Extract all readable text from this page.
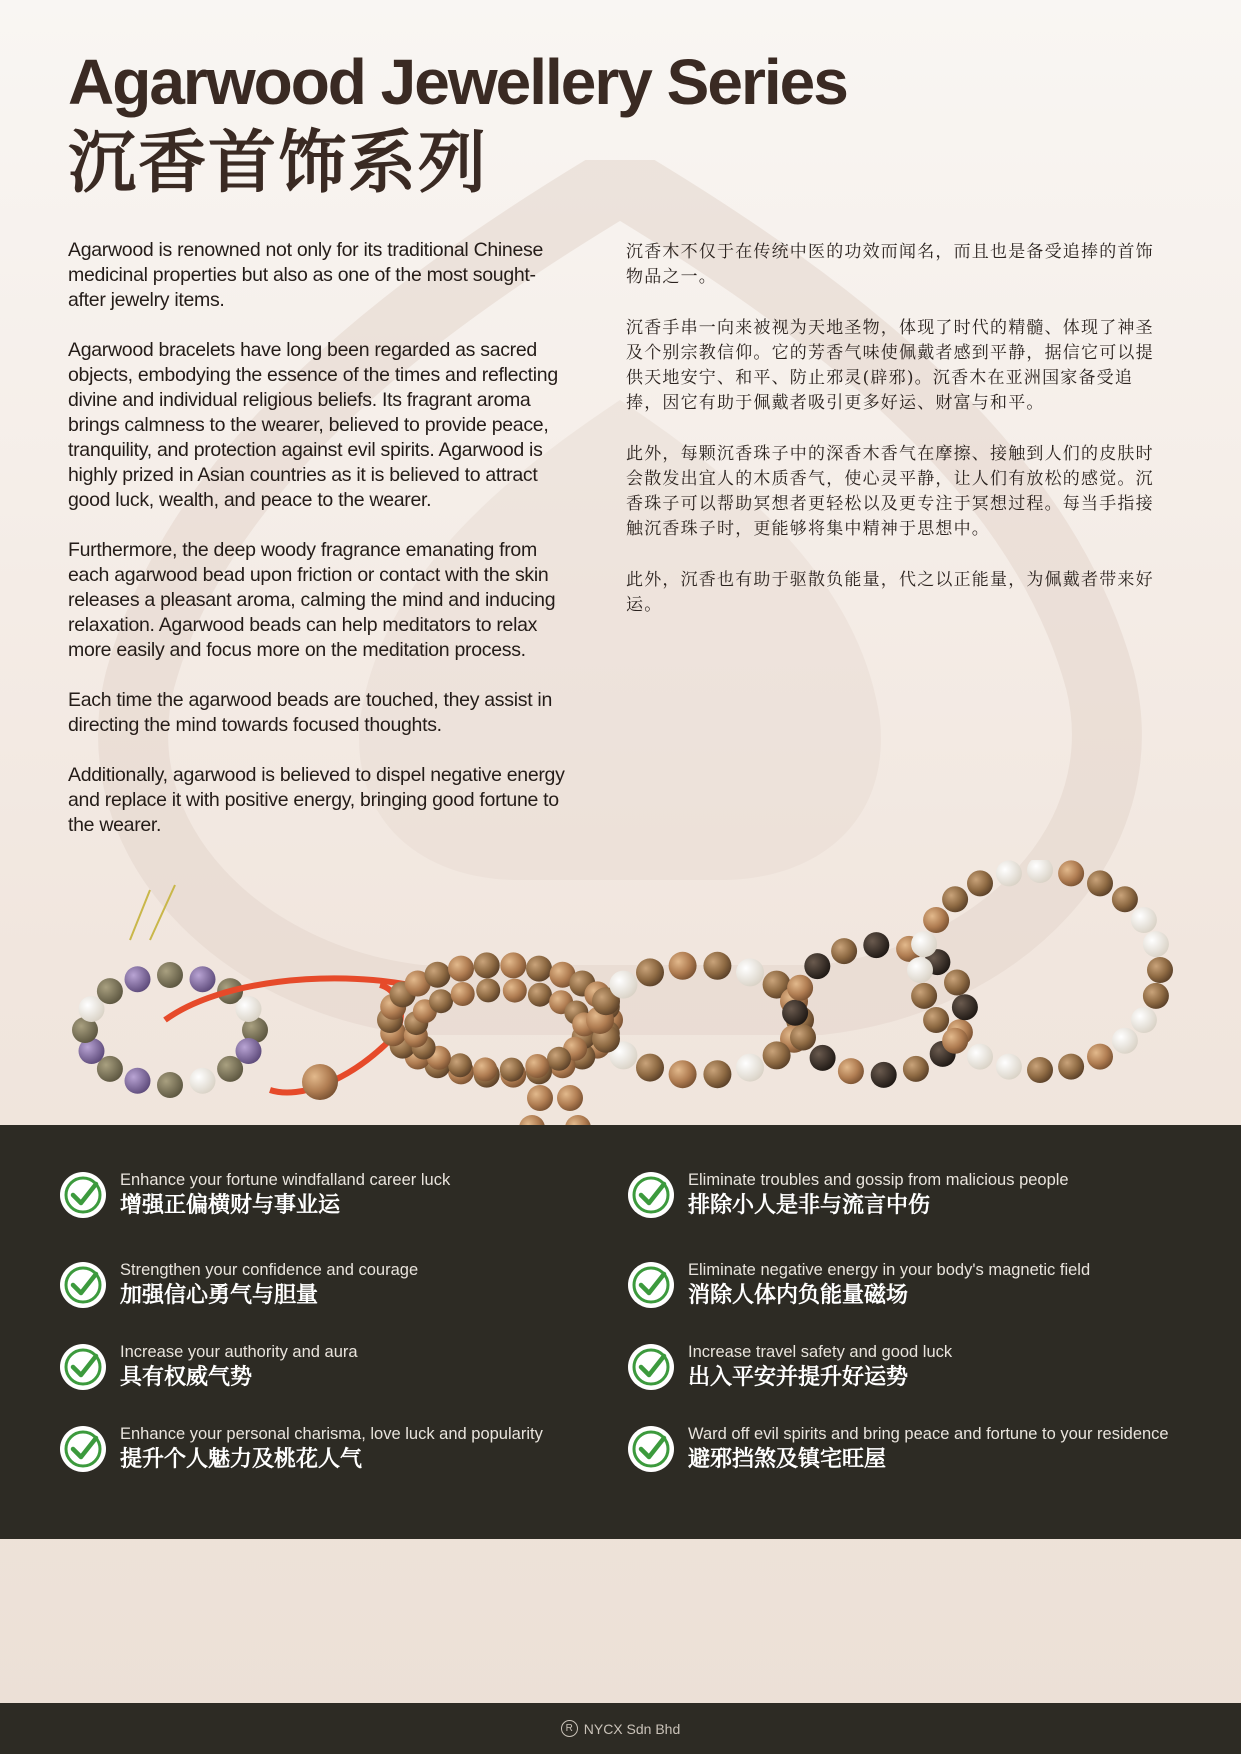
Agarwood Jewellery Series
沉香首饰系列

Agarwood is renowned not only for its traditional Chinese medicinal properties but also as one of the most sought-after jewelry items.

Agarwood bracelets have long been regarded as sacred objects, embodying the essence of the times and reflecting divine and individual religious beliefs. Its fragrant aroma brings calmness to the wearer, believed to provide peace, tranquility, and protection against evil spirits. Agarwood is highly prized in Asian countries as it is believed to attract good luck, wealth, and peace to the wearer.

Furthermore, the deep woody fragrance emanating from each agarwood bead upon friction or contact with the skin releases a pleasant aroma, calming the mind and inducing relaxation. Agarwood beads can help meditators to relax more easily and focus more on the meditation process.

Each time the agarwood beads are touched, they assist in directing the mind towards focused thoughts.

Additionally, agarwood is believed to dispel negative energy and replace it with positive energy, bringing good fortune to the wearer.

沉香木不仅于在传统中医的功效而闻名，而且也是备受追捧的首饰物品之一。

沉香手串一向来被视为天地圣物，体现了时代的精髓、体现了神圣及个别宗教信仰。它的芳香气味使佩戴者感到平静，据信它可以提供天地安宁、和平、防止邪灵(辟邪)。沉香木在亚洲国家备受追捧，因它有助于佩戴者吸引更多好运、财富与和平。

此外，每颗沉香珠子中的深香木香气在摩擦、接触到人们的皮肤时会散发出宜人的木质香气，使心灵平静，让人们有放松的感觉。沉香珠子可以帮助冥想者更轻松以及更专注于冥想过程。每当手指接触沉香珠子时，更能够将集中精神于思想中。

此外，沉香也有助于驱散负能量，代之以正能量，为佩戴者带来好运。

Enhance your fortune windfalland career luck
增强正偏横财与事业运
Eliminate troubles and gossip from malicious people
排除小人是非与流言中伤
Strengthen your confidence and courage
加强信心勇气与胆量
Eliminate negative energy in your body's magnetic field
消除人体内负能量磁场
Increase your authority and aura
具有权威气势
Increase travel safety and good luck
出入平安并提升好运势
Enhance your personal charisma, love luck and popularity
提升个人魅力及桃花人气
Ward off evil spirits and bring peace and fortune to your residence
避邪挡煞及镇宅旺屋
R NYCX Sdn Bhd
